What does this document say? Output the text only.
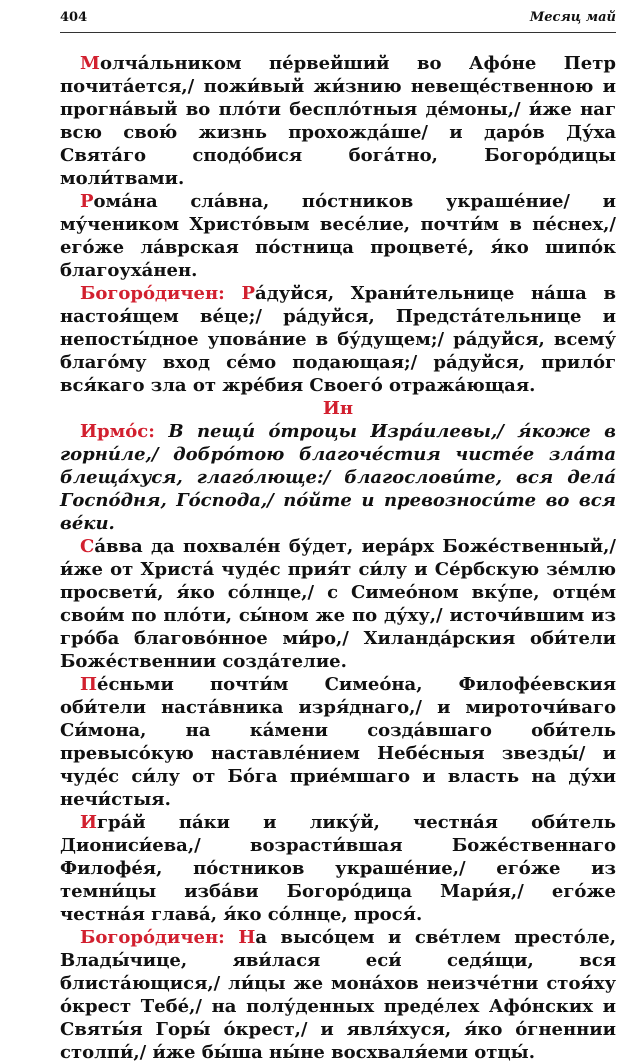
404	Месяц май

Молча́льником пе́рвейший во Афо́не Петр почита́ется,/ пожи́вый жи́знию невеще́ственною и прогна́вый во пло́ти беспло́тныя де́моны,/ и́же наг всю свою́ жизнь прохожда́ше/ и даро́в Ду́ха Свята́го сподо́бися бога́тно, Богоро́дицы моли́твами.

Рома́на сла́вна, по́стников украше́ние/ и му́чеником Христо́вым весе́лие, почти́м в пе́снех,/ его́же ла́врская по́стница процвете́, я́ко шипо́к благоуха́нен.

Богоро́дичен: Ра́дуйся, Храни́тельнице на́ша в настоя́щем ве́це;/ ра́дуйся, Предста́тельнице и непосты́дное упова́ние в бу́дущем;/ ра́дуйся, всему́ благо́му вход се́мо подающая;/ ра́дуйся, прило́г вся́каго зла от жре́бия Своего́ отража́ющая.

Ин

Ирмо́с: В пещи́ о́троцы Изра́илевы,/ я́коже в горни́ле,/ добро́тою благоче́стия чисте́е зла́та блеща́хуся, глаго́люще:/ благослови́те, вся дела́ Госпо́дня, Го́спода,/ по́йте и превозноси́те во вся ве́ки.

Са́вва да похвале́н бу́дет, иера́рх Боже́ственный,/ и́же от Христа́ чуде́с прия́т си́лу и Се́рбскую зе́млю просвети́, я́ко со́лнце,/ с Симео́ном вку́пе, отце́м свои́м по пло́ти, сы́ном же по ду́ху,/ источи́вшим из гро́ба благово́нное ми́ро,/ Хиланда́рския оби́тели Боже́ственнии созда́телие.

Пе́сньми почти́м Симео́на, Филофе́евския оби́тели наста́вника изря́днаго,/ и мироточи́ваго Си́мона, на ка́мени созда́вшаго оби́тель превысо́кую наставле́нием Небе́сныя звезды́/ и чуде́с си́лу от Бо́га прие́мшаго и власть на ду́хи нечи́стыя.

Игра́й па́ки и лику́й, честна́я оби́тель Диониси́ева,/ возрасти́вшая Боже́ственнаго Филофе́я, по́стников украше́ние,/ его́же из темни́цы изба́ви Богоро́дица Мари́я,/ его́же честна́я глава́, я́ко со́лнце, прося́.

Богоро́дичен: На высо́цем и све́тлем престо́ле, Влады́чице, яви́лася еси́ седя́щи, вся блиста́ющися,/ ли́цы же мона́хов неизче́тни стоя́ху о́крест Тебе́,/ на полу́денных преде́лех Афо́нских и Святы́я Горы́ о́крест,/ и явля́хуся, я́ко о́гненнии столпи́,/ и́же бы́ша ны́не восхваля́еми отцы́.
